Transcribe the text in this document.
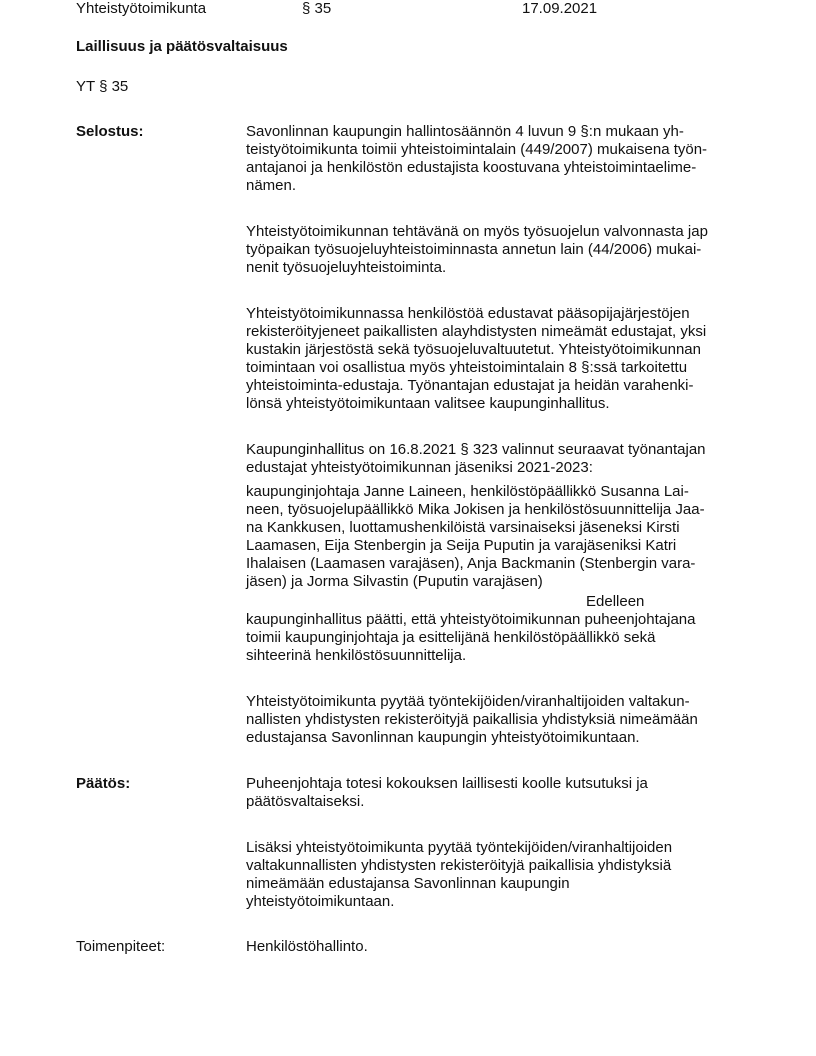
Yhteistyötoimikunta	§ 35	17.09.2021
Laillisuus ja päätösvaltaisuus
YT § 35
Selostus:	Savonlinnan kaupungin hallintosäännön 4 luvun 9 §:n mukaan yh-
teistyötoimikunta toimii yhteistoimintalain (449/2007) mukaisena työn-
antajanoi ja henkilöstön edustajista koostuvana yhteistoimintaelime-
nämen.
Yhteistyötoimikunnan tehtävänä on myös työsuojelun valvonnasta jap
työpaikan työsuojeluyhteistoiminnasta annetun lain (44/2006) mukai-
nenit työsuojeluyhteistoiminta.
Yhteistyötoimikunnassa henkilöstöä edustavat pääsopijajärjestöjen
rekisteröityjeneet paikallisten alayhdistysten nimeämät edustajat, yksi
kustakin järjestöstä sekä työsuojeluvaltuutetut. Yhteistyötoimikunnan
toimintaan voi osallistua myös yhteistoimintalain 8 §:ssä tarkoitettu
yhteistoiminta-edustaja. Työnantajan edustajat ja heidän varahenki-
lönsä yhteistyötoimikuntaan valitsee kaupunginhallitus.
Kaupunginhallitus on 16.8.2021 § 323 valinnut seuraavat työnantajan
edustajat yhteistyötoimikunnan jäseniksi 2021-2023:
kaupunginjohtaja Janne Laineen, henkilöstöpäällikkö Susanna Lai-
neen, työsuojelupäällikkö Mika Jokisen ja henkilöstösuunnittelija Jaa-
na Kankkusen, luottamushenkilöistä varsinaiseksi jäseneksi Kirsti
Laamasen, Eija Stenbergin ja Seija Puputin ja varajäseniksi Katri
Ihalaisen (Laamasen varajäsen), Anja Backmanin (Stenbergin vara-
jäsen) ja Jorma Silvastin (Puputin varajäsen)
Edelleen
kaupunginhallitus päätti, että yhteistyötoimikunnan puheenjohtajana
toimii kaupunginjohtaja ja esittelijänä henkilöstöpäällikkö sekä
sihteerinä henkilöstösuunnittelija.
Yhteistyötoimikunta pyytää työntekijöiden/viranhaltijoiden valtakun-
nallisten yhdistysten rekisteröityjä paikallisia yhdistyksiä nimeämään
edustajansa Savonlinnan kaupungin yhteistyötoimikuntaan.
Päätös:	Puheenjohtaja totesi kokouksen laillisesti koolle kutsutuksi ja
päätösvaltaiseksi.
Lisäksi yhteistyötoimikunta pyytää työntekijöiden/viranhaltijoiden
valtakunnallisten yhdistysten rekisteröityjä paikallisia yhdistyksiä
nimeämään edustajansa Savonlinnan kaupungin
yhteistyötoimikuntaan.
Toimenpiteet:	Henkilöstöhallinto.
